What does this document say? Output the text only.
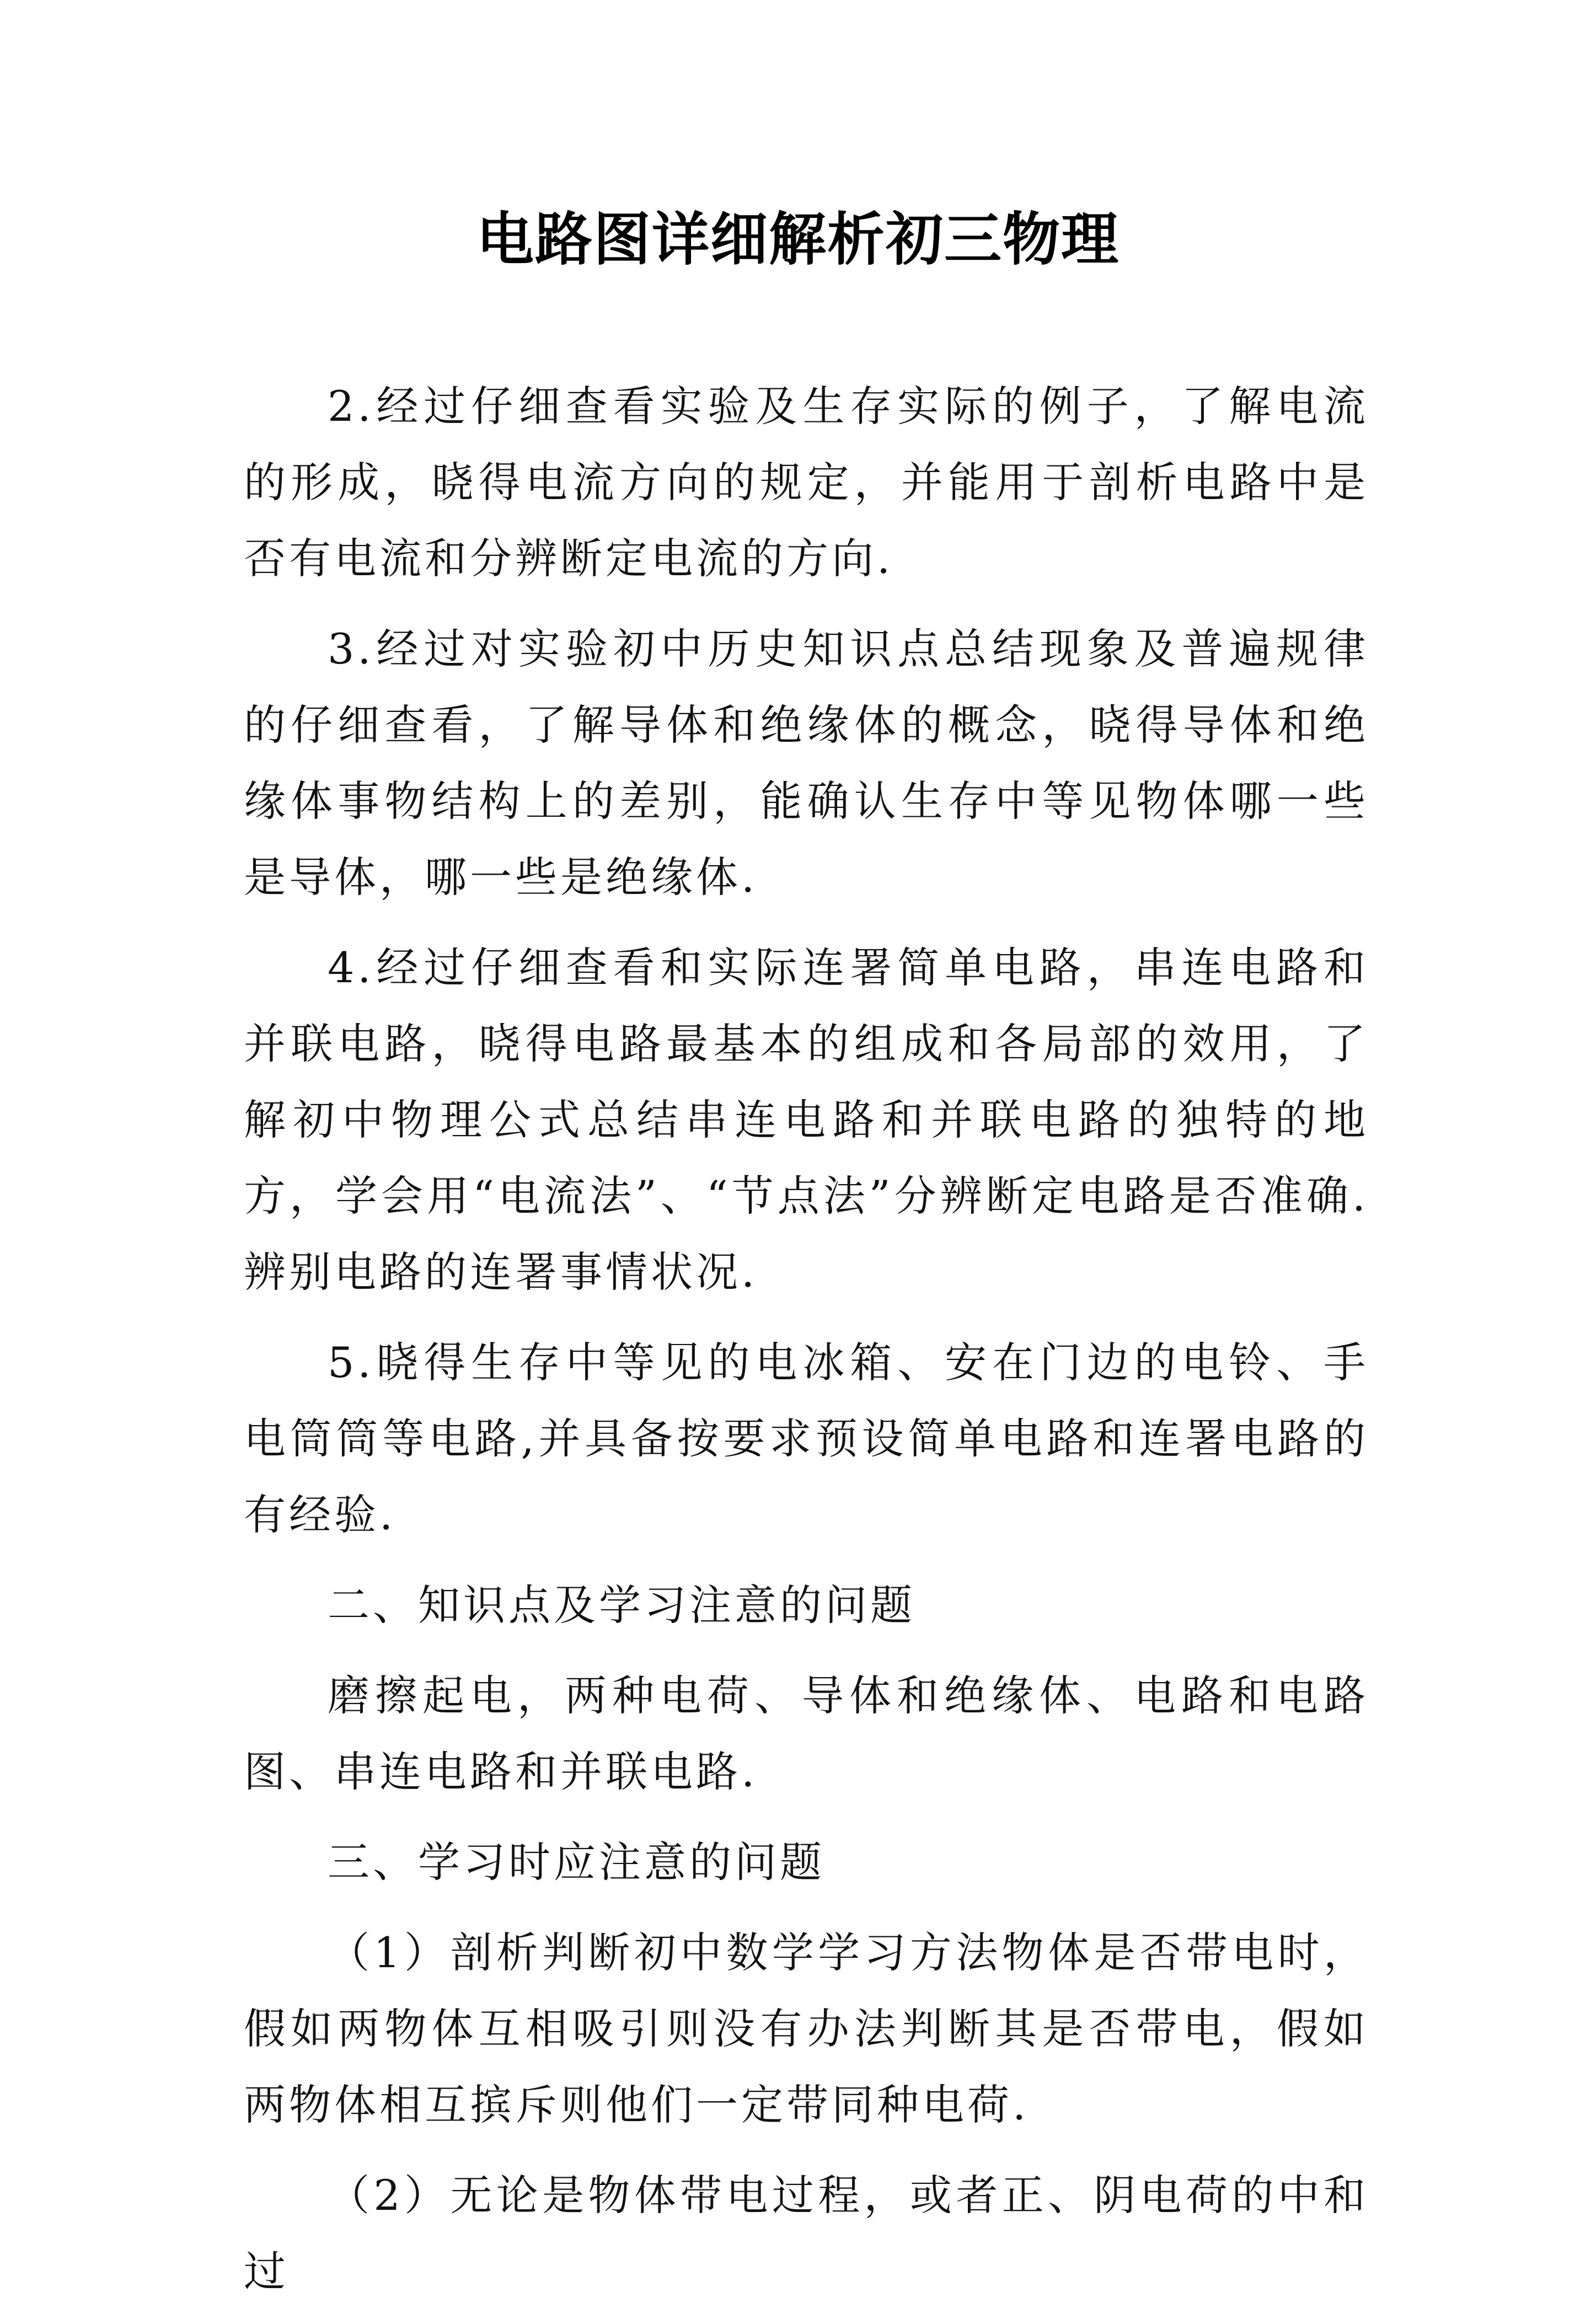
电路图详细解析初三物理

2.经过仔细查看实验及生存实际的例子，了解电流的形成，晓得电流方向的规定，并能用于剖析电路中是否有电流和分辨断定电流的方向.

3.经过对实验初中历史知识点总结现象及普遍规律的仔细查看，了解导体和绝缘体的概念，晓得导体和绝缘体事物结构上的差别，能确认生存中等见物体哪一些是导体，哪一些是绝缘体.

4.经过仔细查看和实际连署简单电路，串连电路和并联电路，晓得电路最基本的组成和各局部的效用，了解初中物理公式总结串连电路和并联电路的独特的地方，学会用“电流法”、“节点法”分辨断定电路是否准确.辨别电路的连署事情状况.

5.晓得生存中等见的电冰箱、安在门边的电铃、手电筒筒等电路,并具备按要求预设简单电路和连署电路的有经验.

二、知识点及学习注意的问题

磨擦起电，两种电荷、导体和绝缘体、电路和电路图、串连电路和并联电路.

三、学习时应注意的问题

（1）剖析判断初中数学学习方法物体是否带电时，假如两物体互相吸引则没有办法判断其是否带电，假如两物体相互摈斥则他们一定带同种电荷.

（2）无论是物体带电过程，或者正、阴电荷的中和过
